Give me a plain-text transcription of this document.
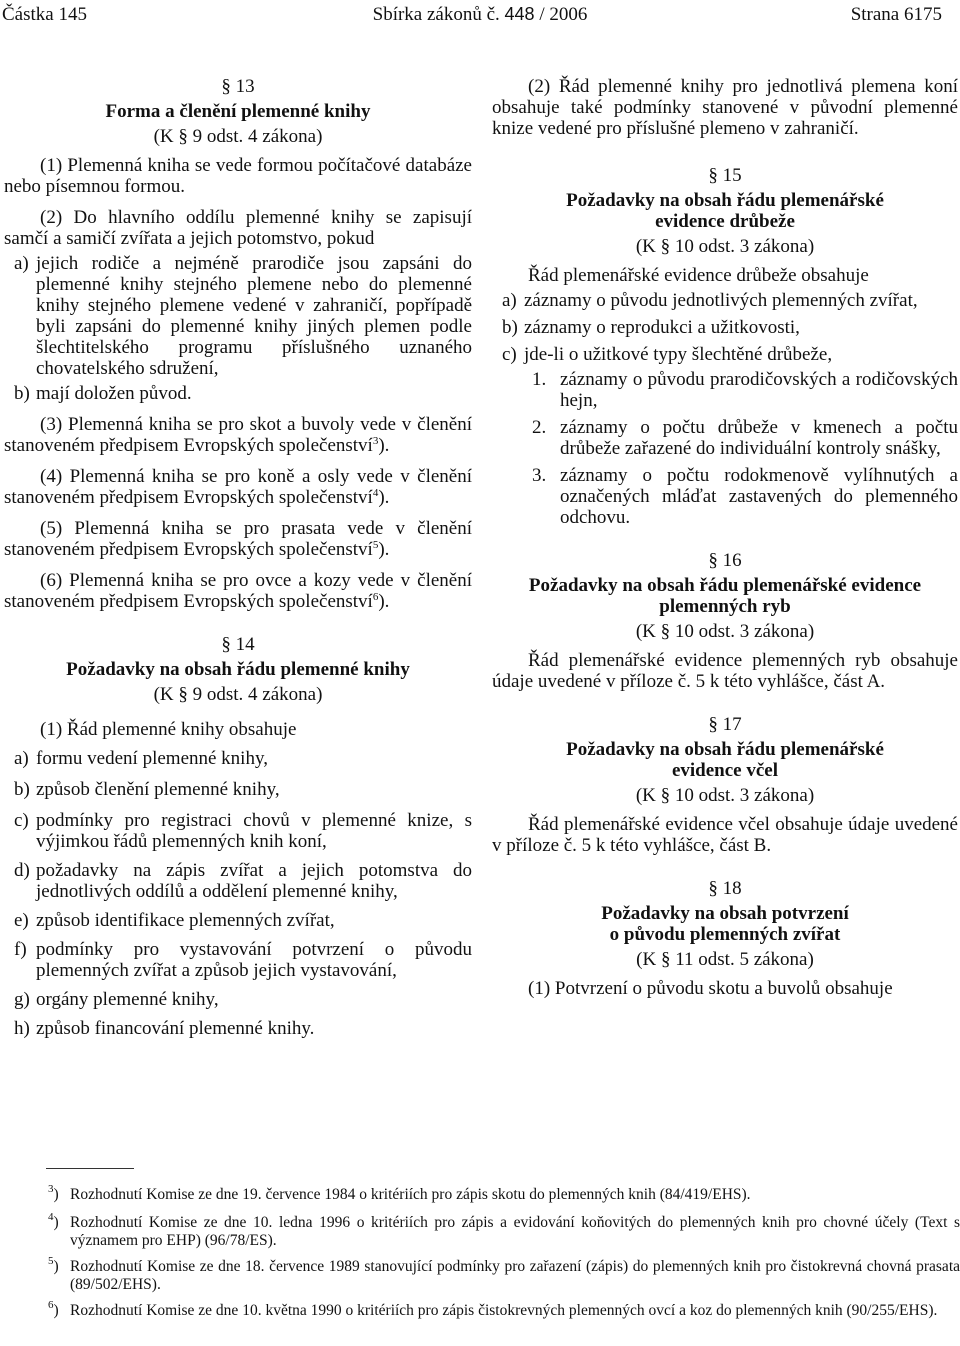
Částka 145	Sbírka zákonů č. 448 / 2006	Strana 6175
§ 13
Forma a členění plemenné knihy
(K § 9 odst. 4 zákona)

(1) Plemenná kniha se vede formou počítačové databáze nebo písemnou formou.

(2) Do hlavního oddílu plemenné knihy se zapisují samčí a samičí zvířata a jejich potomstvo, pokud

a) jejich rodiče a nejméně prarodiče jsou zapsáni do plemenné knihy stejného plemene nebo do plemenné knihy stejného plemene vedené v zahraničí, popřípadě byli zapsáni do plemenné knihy jiných plemen podle šlechtitelského programu příslušného uznaného chovatelského sdružení,
b) mají doložen původ.

(3) Plemenná kniha se pro skot a buvoly vede v členění stanoveném předpisem Evropských společenství$^3$).

(4) Plemenná kniha se pro koně a osly vede v členění stanoveném předpisem Evropských společenství$^4$).

(5) Plemenná kniha se pro prasata vede v členění stanoveném předpisem Evropských společenství$^5$).

(6) Plemenná kniha se pro ovce a kozy vede v členění stanoveném předpisem Evropských společenství$^6$).

§ 14
Požadavky na obsah řádu plemenné knihy
(K § 9 odst. 4 zákona)

(1) Řád plemenné knihy obsahuje

a) formu vedení plemenné knihy,
b) způsob členění plemenné knihy,
c) podmínky pro registraci chovů v plemenné knize, s výjimkou řádů plemenných knih koní,
d) požadavky na zápis zvířat a jejich potomstva do jednotlivých oddílů a oddělení plemenné knihy,
e) způsob identifikace plemenných zvířat,
f) podmínky pro vystavování potvrzení o původu plemenných zvířat a způsob jejich vystavování,
g) orgány plemenné knihy,
h) způsob financování plemenné knihy.

(2) Řád plemenné knihy pro jednotlivá plemena koní obsahuje také podmínky stanovené v původní plemenné knize vedené pro příslušné plemeno v zahraničí.

§ 15
Požadavky na obsah řádu plemenářské
evidence drůbeže
(K § 10 odst. 3 zákona)

Řád plemenářské evidence drůbeže obsahuje

a) záznamy o původu jednotlivých plemenných zvířat,
b) záznamy o reprodukci a užitkovosti,
c) jde-li o užitkové typy šlechtěné drůbeže,
1. záznamy o původu prarodičovských a rodičovských hejn,
2. záznamy o počtu drůbeže v kmenech a počtu drůbeže zařazené do individuální kontroly snášky,
3. záznamy o počtu rodokmenově vylíhnutých a označených mláďat zastavených do plemenného odchovu.
§ 16
Požadavky na obsah řádu plemenářské evidence
plemenných ryb
(K § 10 odst. 3 zákona)

Řád plemenářské evidence plemenných ryb obsahuje údaje uvedené v příloze č. 5 k této vyhlášce, část A.

§ 17
Požadavky na obsah řádu plemenářské
evidence včel
(K § 10 odst. 3 zákona)

Řád plemenářské evidence včel obsahuje údaje uvedené v příloze č. 5 k této vyhlášce, část B.

§ 18
Požadavky na obsah potvrzení
o původu plemenných zvířat
(K § 11 odst. 5 zákona)

(1) Potvrzení o původu skotu a buvolů obsahuje

$^3$) Rozhodnutí Komise ze dne 19. července 1984 o kritériích pro zápis skotu do plemenných knih (84/419/EHS).
$^4$) Rozhodnutí Komise ze dne 10. ledna 1996 o kritériích pro zápis a evidování koňovitých do plemenných knih pro chovné účely (Text s významem pro EHP) (96/78/ES).
$^5$) Rozhodnutí Komise ze dne 18. července 1989 stanovující podmínky pro zařazení (zápis) do plemenných knih pro čistokrevná chovná prasata (89/502/EHS).
$^6$) Rozhodnutí Komise ze dne 10. května 1990 o kritériích pro zápis čistokrevných plemenných ovcí a koz do plemenných knih (90/255/EHS).
